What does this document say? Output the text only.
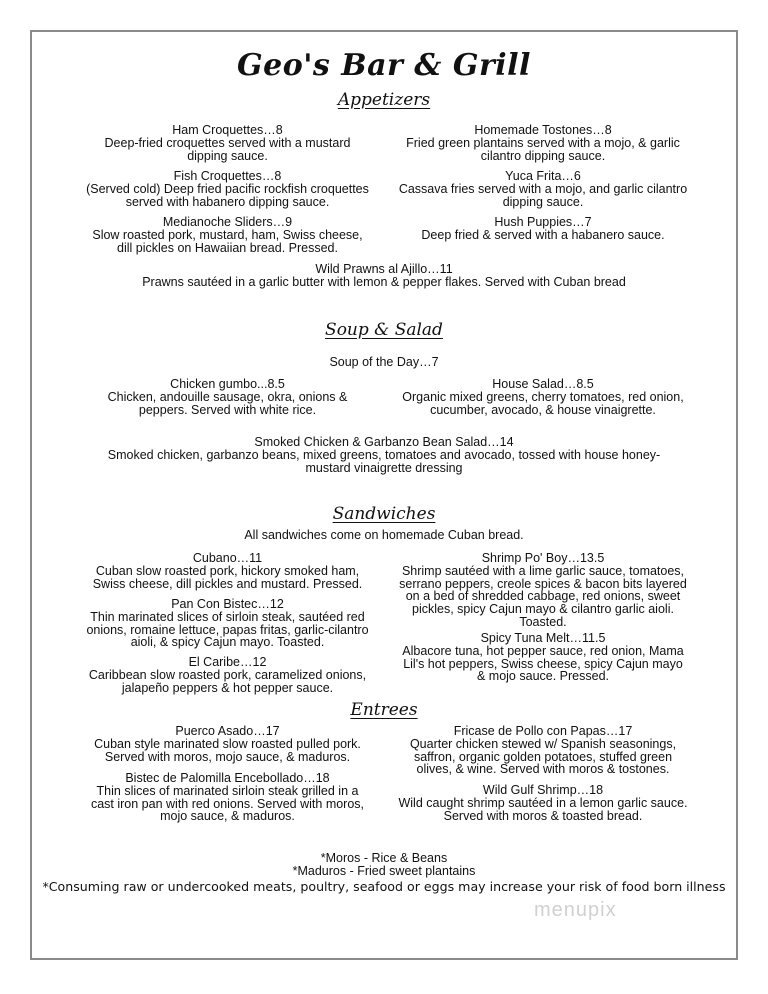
Geo's Bar & Grill
Appetizers
Ham Croquettes…8
Deep-fried croquettes served with a mustard dipping sauce.
Homemade Tostones…8
Fried green plantains served with a mojo, & garlic cilantro dipping sauce.
Fish Croquettes…8
(Served cold) Deep fried pacific rockfish croquettes served with habanero dipping sauce.
Yuca Frita…6
Cassava fries served with a mojo, and garlic cilantro dipping sauce.
Medianoche Sliders…9
Slow roasted pork, mustard, ham, Swiss cheese, dill pickles on Hawaiian bread. Pressed.
Hush Puppies…7
Deep fried & served with a habanero sauce.
Wild Prawns al Ajillo…11
Prawns sautéed in a garlic butter with lemon & pepper flakes. Served with Cuban bread
Soup & Salad
Soup of the Day…7
Chicken gumbo...8.5
Chicken, andouille sausage, okra, onions & peppers. Served with white rice.
House Salad…8.5
Organic mixed greens, cherry tomatoes, red onion, cucumber, avocado, & house vinaigrette.
Smoked Chicken & Garbanzo Bean Salad…14
Smoked chicken, garbanzo beans, mixed greens, tomatoes and avocado, tossed with house honey-mustard vinaigrette dressing
Sandwiches
All sandwiches come on homemade Cuban bread.
Cubano…11
Cuban slow roasted pork, hickory smoked ham, Swiss cheese, dill pickles and mustard. Pressed.
Shrimp Po' Boy…13.5
Shrimp sautéed with a lime garlic sauce, tomatoes, serrano peppers, creole spices & bacon bits layered on a bed of shredded cabbage, red onions, sweet pickles, spicy Cajun mayo & cilantro garlic aioli. Toasted.
Pan Con Bistec…12
Thin marinated slices of sirloin steak, sautéed red onions, romaine lettuce, papas fritas, garlic-cilantro aioli, & spicy Cajun mayo. Toasted.	Spicy Tuna Melt…11.5
Albacore tuna, hot pepper sauce, red onion, Mama Lil's hot peppers, Swiss cheese, spicy Cajun mayo & mojo sauce. Pressed.
El Caribe…12
Caribbean slow roasted pork, caramelized onions, jalapeño peppers & hot pepper sauce.
Entrees
Puerco Asado…17
Cuban style marinated slow roasted pulled pork. Served with moros, mojo sauce, & maduros.
Fricase de Pollo con Papas…17
Quarter chicken stewed w/ Spanish seasonings, saffron, organic golden potatoes, stuffed green olives, & wine. Served with moros & tostones.
Bistec de Palomilla Encebollado…18
Thin slices of marinated sirloin steak grilled in a cast iron pan with red onions. Served with moros, mojo sauce, & maduros.
Wild Gulf Shrimp…18
Wild caught shrimp sautéed in a lemon garlic sauce. Served with moros & toasted bread.
*Moros - Rice & Beans
*Maduros - Fried sweet plantains
*Consuming raw or undercooked meats, poultry, seafood or eggs may increase your risk of food born illness
menupix
